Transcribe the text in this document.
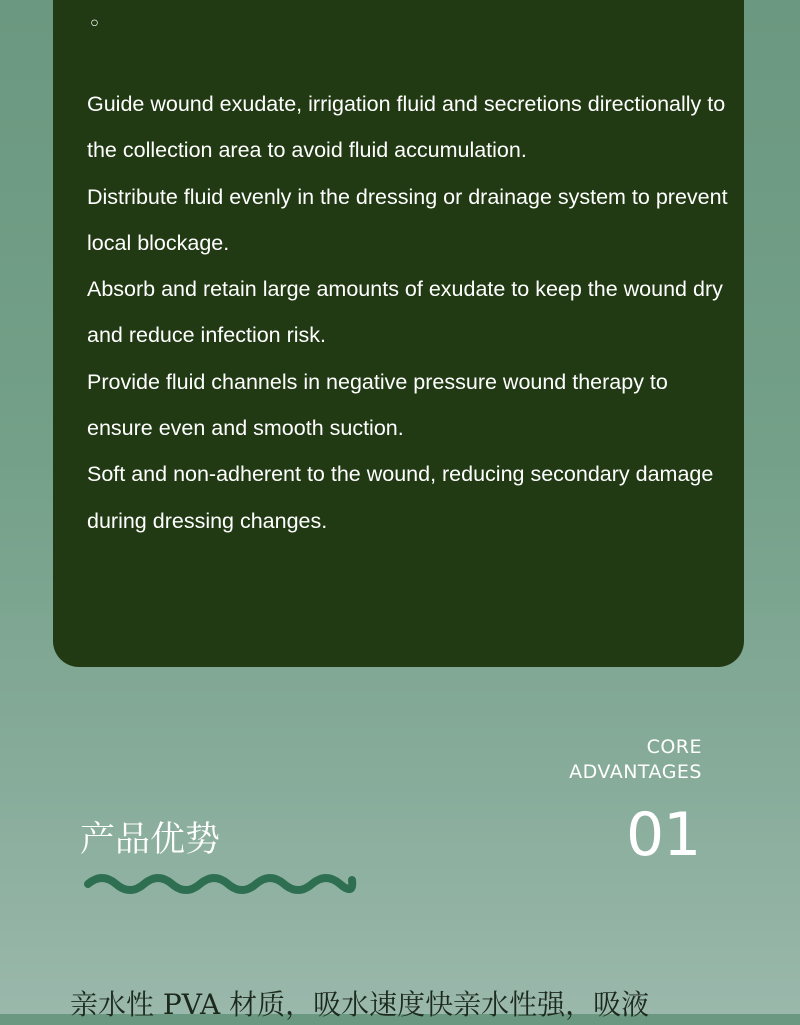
◦
Guide wound exudate, irrigation fluid and secretions directionally to the collection area to avoid fluid accumulation.
Distribute fluid evenly in the dressing or drainage system to prevent local blockage.
Absorb and retain large amounts of exudate to keep the wound dry and reduce infection risk.
Provide fluid channels in negative pressure wound therapy to ensure even and smooth suction.
Soft and non-adherent to the wound, reducing secondary damage during dressing changes.
CORE
ADVANTAGES
01
产品优势
亲水性 PVA 材质，吸水速度快亲水性强，吸液
